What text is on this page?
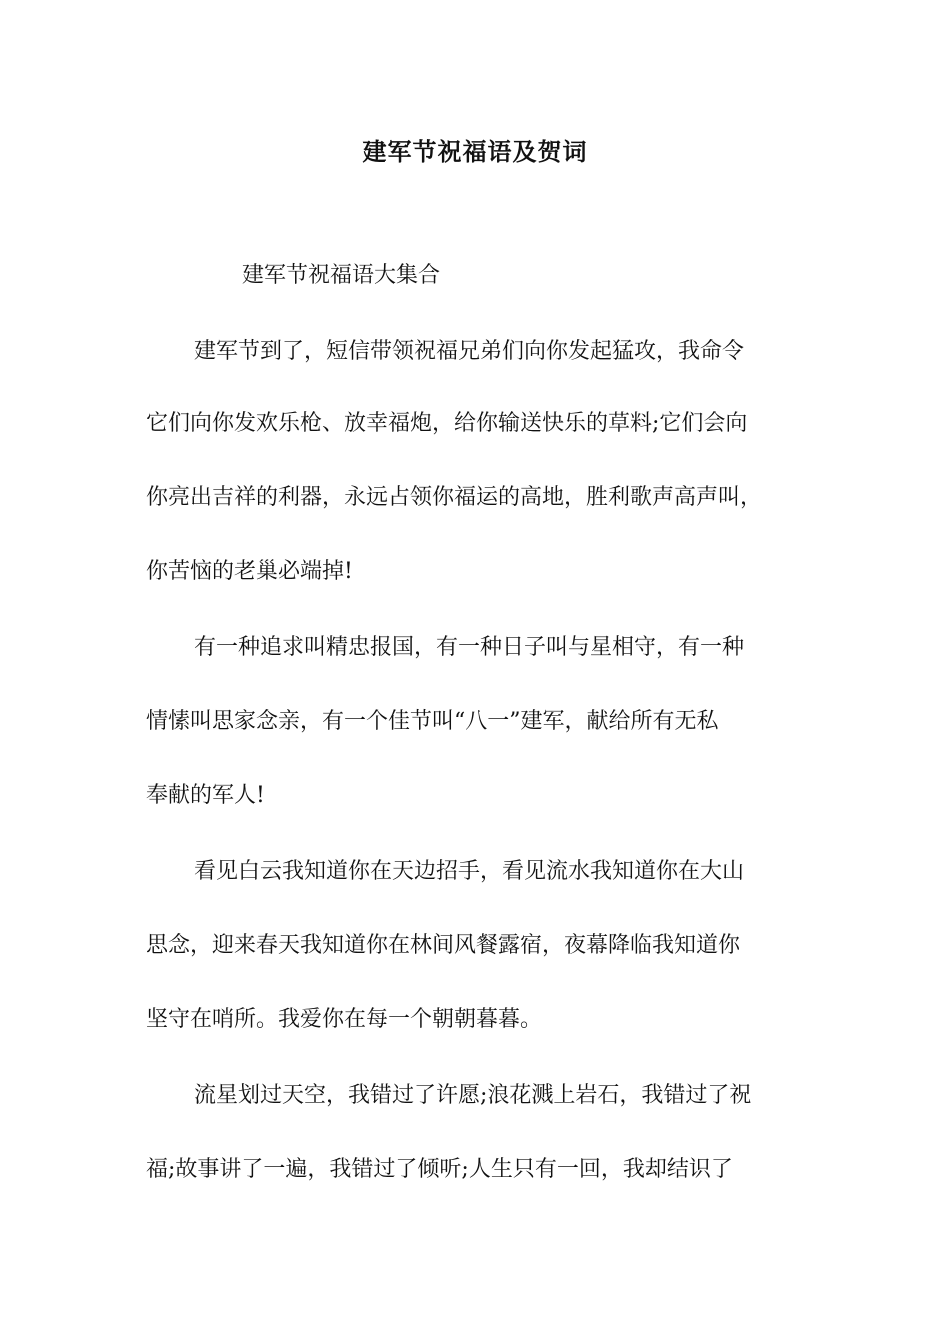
建军节祝福语及贺词
建军节祝福语大集合
建军节到了，短信带领祝福兄弟们向你发起猛攻，我命令
它们向你发欢乐枪、放幸福炮，给你输送快乐的草料;它们会向
你亮出吉祥的利器，永远占领你福运的高地，胜利歌声高声叫，
你苦恼的老巢必端掉!
有一种追求叫精忠报国，有一种日子叫与星相守，有一种
情愫叫思家念亲，有一个佳节叫“八一”建军，献给所有无私
奉献的军人!
看见白云我知道你在天边招手，看见流水我知道你在大山
思念，迎来春天我知道你在林间风餐露宿，夜幕降临我知道你
坚守在哨所。我爱你在每一个朝朝暮暮。
流星划过天空，我错过了许愿;浪花溅上岩石，我错过了祝
福;故事讲了一遍，我错过了倾听;人生只有一回，我却结识了
